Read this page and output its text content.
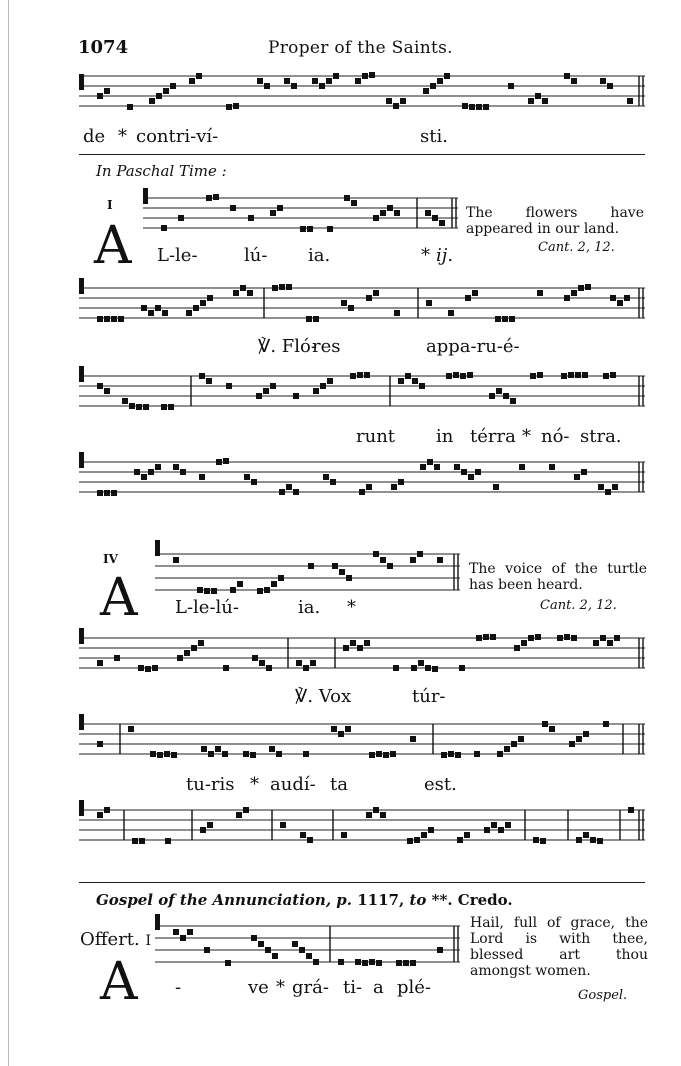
1074	Proper of the Saints.
de * contri-ví-	sti.
In Paschal Time :
I
A L-le-	lú- ia.	* ij.
The flowers have appeared in our land.
Cant. 2, 12.
℣. Fló-
res	appa-ru-é-
runt in térra * nó- stra.
IV
A L-le-lú-	ia. *
The voice of the turtle has been heard.
Cant. 2, 12.
℣. Vox	túr-
tu-ris * audí- ta	est.
Gospel of the Annunciation, p. 1117, to **. Credo.
Offert. I
A -	ve * grá- ti- a plé-
Hail, full of grace, the Lord is with thee, blessed art thou amongst women.
Gospel.
